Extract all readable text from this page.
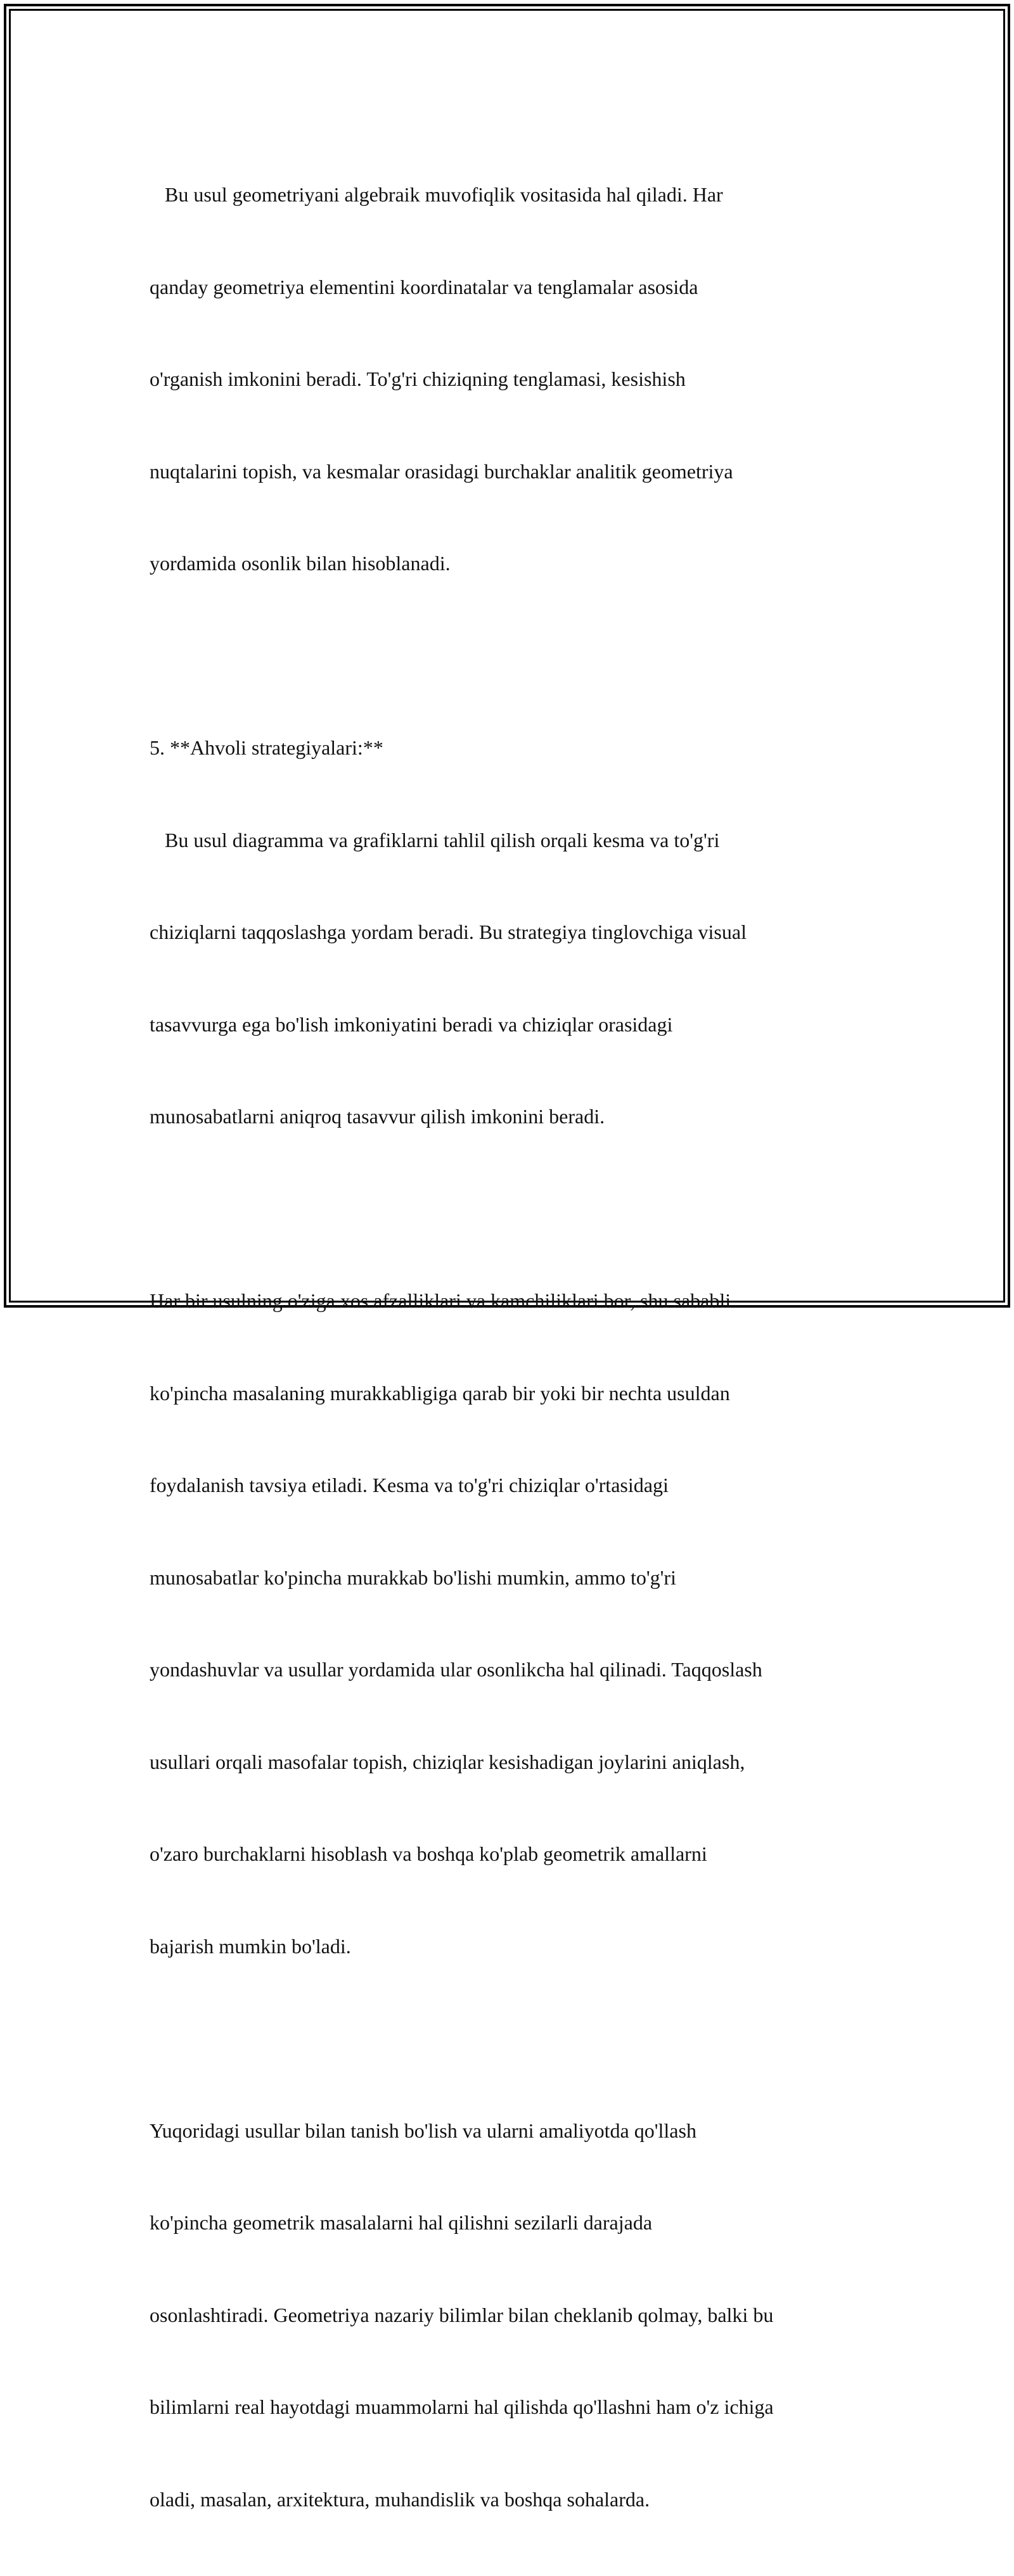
Bu usul geometriyani algebraik muvofiqlik vositasida hal qiladi. Har

qanday geometriya elementini koordinatalar va tenglamalar asosida

o'rganish imkonini beradi. To'g'ri chiziqning tenglamasi, kesishish

nuqtalarini topish, va kesmalar orasidagi burchaklar analitik geometriya

yordamida osonlik bilan hisoblanadi.

5. **Ahvoli strategiyalari:**

Bu usul diagramma va grafiklarni tahlil qilish orqali kesma va to'g'ri

chiziqlarni taqqoslashga yordam beradi. Bu strategiya tinglovchiga visual

tasavvurga ega bo'lish imkoniyatini beradi va chiziqlar orasidagi

munosabatlarni aniqroq tasavvur qilish imkonini beradi.

Har bir usulning o'ziga xos afzalliklari va kamchiliklari bor, shu sababli

ko'pincha masalaning murakkabligiga qarab bir yoki bir nechta usuldan

foydalanish tavsiya etiladi. Kesma va to'g'ri chiziqlar o'rtasidagi

munosabatlar ko'pincha murakkab bo'lishi mumkin, ammo to'g'ri

yondashuvlar va usullar yordamida ular osonlikcha hal qilinadi. Taqqoslash

usullari orqali masofalar topish, chiziqlar kesishadigan joylarini aniqlash,

o'zaro burchaklarni hisoblash va boshqa ko'plab geometrik amallarni

bajarish mumkin bo'ladi.

Yuqoridagi usullar bilan tanish bo'lish va ularni amaliyotda qo'llash

ko'pincha geometrik masalalarni hal qilishni sezilarli darajada

osonlashtiradi. Geometriya nazariy bilimlar bilan cheklanib qolmay, balki bu

bilimlarni real hayotdagi muammolarni hal qilishda qo'llashni ham o'z ichiga

oladi, masalan, arxitektura, muhandislik va boshqa sohalarda.
